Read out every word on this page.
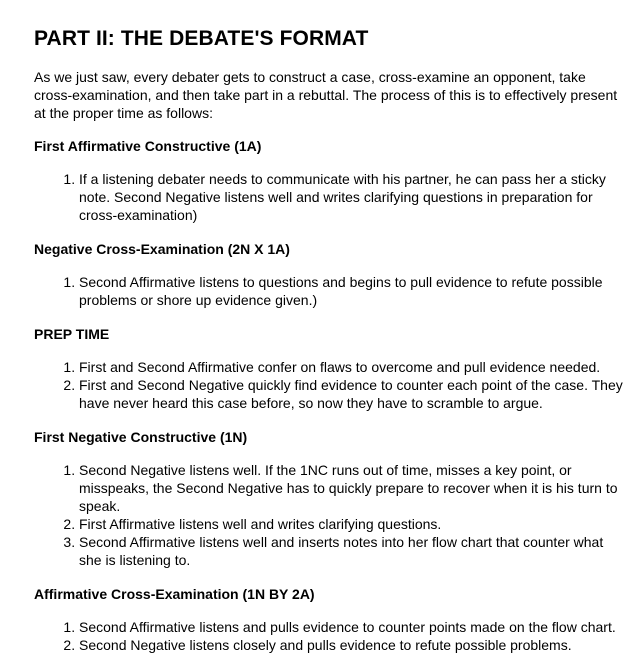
PART II: THE DEBATE'S FORMAT

As we just saw, every debater gets to construct a case, cross-examine an opponent, take cross-examination, and then take part in a rebuttal. The process of this is to effectively present at the proper time as follows:

First Affirmative Constructive (1A)
1. If a listening debater needs to communicate with his partner, he can pass her a sticky note. Second Negative listens well and writes clarifying questions in preparation for cross-examination)
Negative Cross-Examination (2N X 1A)
1. Second Affirmative listens to questions and begins to pull evidence to refute possible problems or shore up evidence given.)
PREP TIME
1. First and Second Affirmative confer on flaws to overcome and pull evidence needed.
2. First and Second Negative quickly find evidence to counter each point of the case. They have never heard this case before, so now they have to scramble to argue.
First Negative Constructive (1N)
1. Second Negative listens well. If the 1NC runs out of time, misses a key point, or misspeaks, the Second Negative has to quickly prepare to recover when it is his turn to speak.
2. First Affirmative listens well and writes clarifying questions.
3. Second Affirmative listens well and inserts notes into her flow chart that counter what she is listening to.
Affirmative Cross-Examination (1N BY 2A)
1. Second Affirmative listens and pulls evidence to counter points made on the flow chart.
2. Second Negative listens closely and pulls evidence to refute possible problems.
